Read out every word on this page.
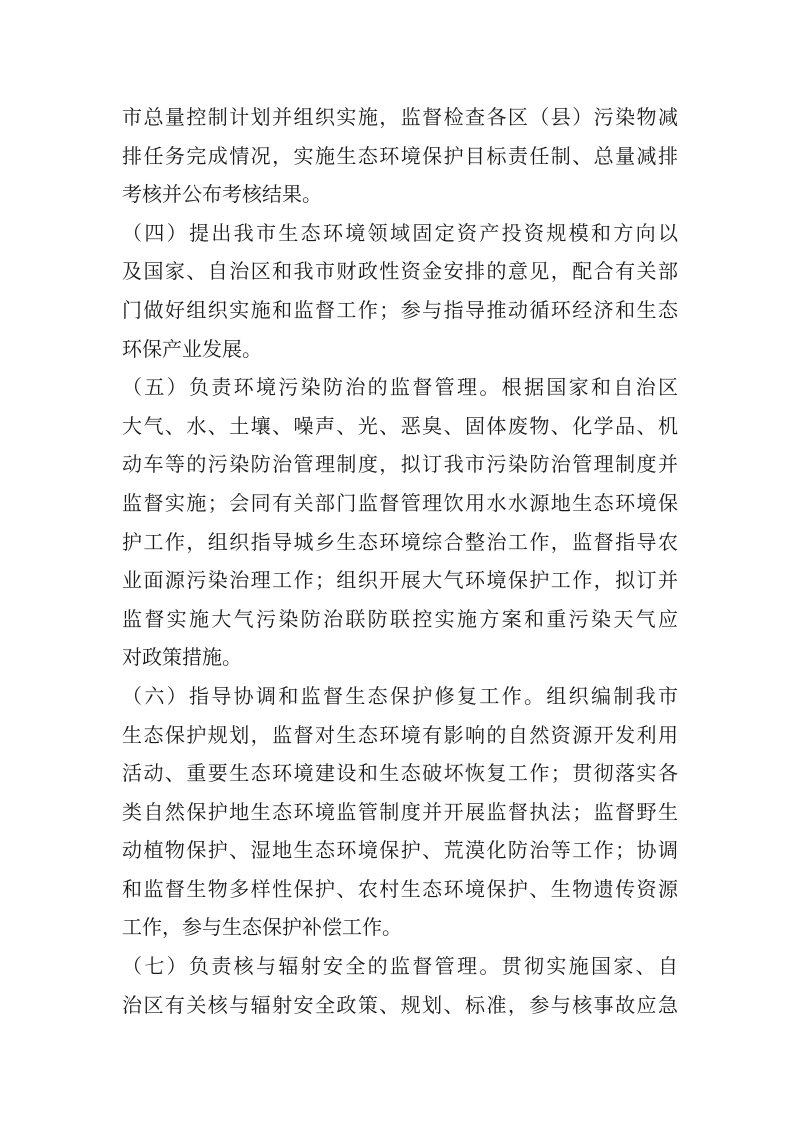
市总量控制计划并组织实施，监督检查各区（县）污染物减
排任务完成情况，实施生态环境保护目标责任制、总量减排
考核并公布考核结果。
（四）提出我市生态环境领域固定资产投资规模和方向以
及国家、自治区和我市财政性资金安排的意见，配合有关部
门做好组织实施和监督工作；参与指导推动循环经济和生态
环保产业发展。
（五）负责环境污染防治的监督管理。根据国家和自治区
大气、水、土壤、噪声、光、恶臭、固体废物、化学品、机
动车等的污染防治管理制度，拟订我市污染防治管理制度并
监督实施；会同有关部门监督管理饮用水水源地生态环境保
护工作，组织指导城乡生态环境综合整治工作，监督指导农
业面源污染治理工作；组织开展大气环境保护工作，拟订并
监督实施大气污染防治联防联控实施方案和重污染天气应
对政策措施。
（六）指导协调和监督生态保护修复工作。组织编制我市
生态保护规划，监督对生态环境有影响的自然资源开发利用
活动、重要生态环境建设和生态破坏恢复工作；贯彻落实各
类自然保护地生态环境监管制度并开展监督执法；监督野生
动植物保护、湿地生态环境保护、荒漠化防治等工作；协调
和监督生物多样性保护、农村生态环境保护、生物遗传资源
工作，参与生态保护补偿工作。
（七）负责核与辐射安全的监督管理。贯彻实施国家、自
治区有关核与辐射安全政策、规划、标准，参与核事故应急
